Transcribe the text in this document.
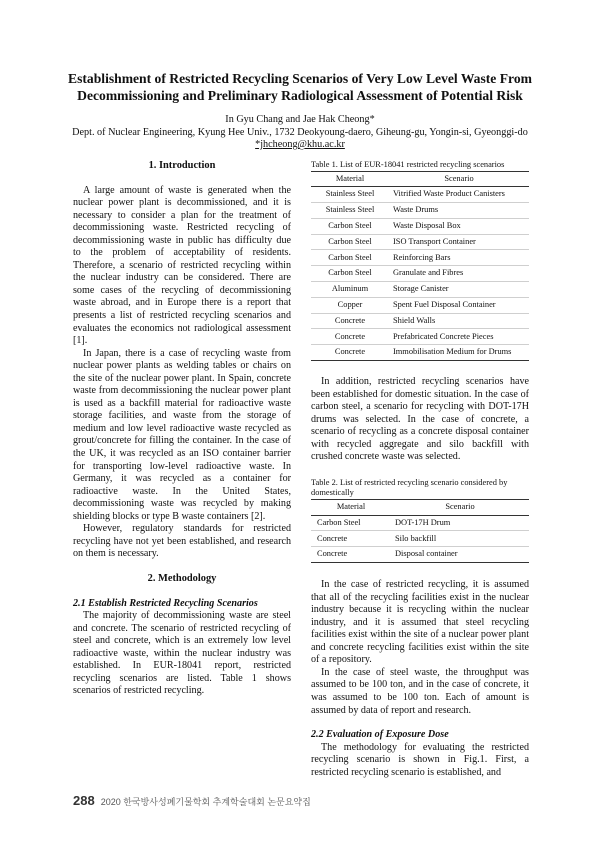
Establishment of Restricted Recycling Scenarios of Very Low Level Waste From Decommissioning and Preliminary Radiological Assessment of Potential Risk
In Gyu Chang and Jae Hak Cheong*
Dept. of Nuclear Engineering, Kyung Hee Univ., 1732 Deokyoung-daero, Giheung-gu, Yongin-si, Gyeonggi-do
*jhcheong@khu.ac.kr

1. Introduction

A large amount of waste is generated when the nuclear power plant is decommissioned, and it is necessary to consider a plan for the treatment of decommissioning waste. Restricted recycling of decommissioning waste in public has difficulty due to the problem of acceptability of residents. Therefore, a scenario of restricted recycling within the nuclear industry can be considered. There are some cases of the recycling of decommissioning waste abroad, and in Europe there is a report that presents a list of restricted recycling scenarios and evaluates the economics not radiological assessment [1].

In Japan, there is a case of recycling waste from nuclear power plants as welding tables or chairs on the site of the nuclear power plant. In Spain, concrete waste from decommissioning the nuclear power plant is used as a backfill material for radioactive waste storage facilities, and waste from the storage of medium and low level radioactive waste recycled as grout/concrete for filling the container. In the case of the UK, it was recycled as an ISO container barrier for transporting low-level radioactive waste. In Germany, it was recycled as a container for radioactive waste. In the United States, decommissioning waste was recycled by making shielding blocks or type B waste containers [2].

However, regulatory standards for restricted recycling have not yet been established, and research on them is necessary.

2. Methodology

2.1 Establish Restricted Recycling Scenarios

The majority of decommissioning waste are steel and concrete. The scenario of restricted recycling of steel and concrete, which is an extremely low level radioactive waste, within the nuclear industry was established. In EUR-18041 report, restricted recycling scenarios are listed. Table 1 shows scenarios of restricted recycling.

Table 1. List of EUR-18041 restricted recycling scenarios

Material	Scenario
Stainless Steel	Vitrified Waste Product Canisters
Stainless Steel	Waste Drums
Carbon Steel	Waste Disposal Box
Carbon Steel	ISO Transport Container
Carbon Steel	Reinforcing Bars
Carbon Steel	Granulate and Fibres
Aluminum	Storage Canister
Copper	Spent Fuel Disposal Container
Concrete	Shield Walls
Concrete	Prefabricated Concrete Pieces
Concrete	Immobilisation Medium for Drums

In addition, restricted recycling scenarios have been established for domestic situation. In the case of carbon steel, a scenario for recycling with DOT-17H drums was selected. In the case of concrete, a scenario of recycling as a concrete disposal container with recycled aggregate and silo backfill with crushed concrete waste was selected.

Table 2. List of restricted recycling scenario considered by domestically

Material	Scenario
Carbon Steel	DOT-17H Drum
Concrete	Silo backfill
Concrete	Disposal container

In the case of restricted recycling, it is assumed that all of the recycling facilities exist in the nuclear industry because it is recycling within the nuclear industry, and it is assumed that steel recycling facilities exist within the site of a nuclear power plant and concrete recycling facilities exist within the site of a repository.

In the case of steel waste, the throughput was assumed to be 100 ton, and in the case of concrete, it was assumed to be 100 ton. Each of amount is assumed by data of report and research.

2.2 Evaluation of Exposure Dose

The methodology for evaluating the restricted recycling scenario is shown in Fig.1. First, a restricted recycling scenario is established, and

288 2020 한국방사성폐기물학회 추계학술대회 논문요약집
